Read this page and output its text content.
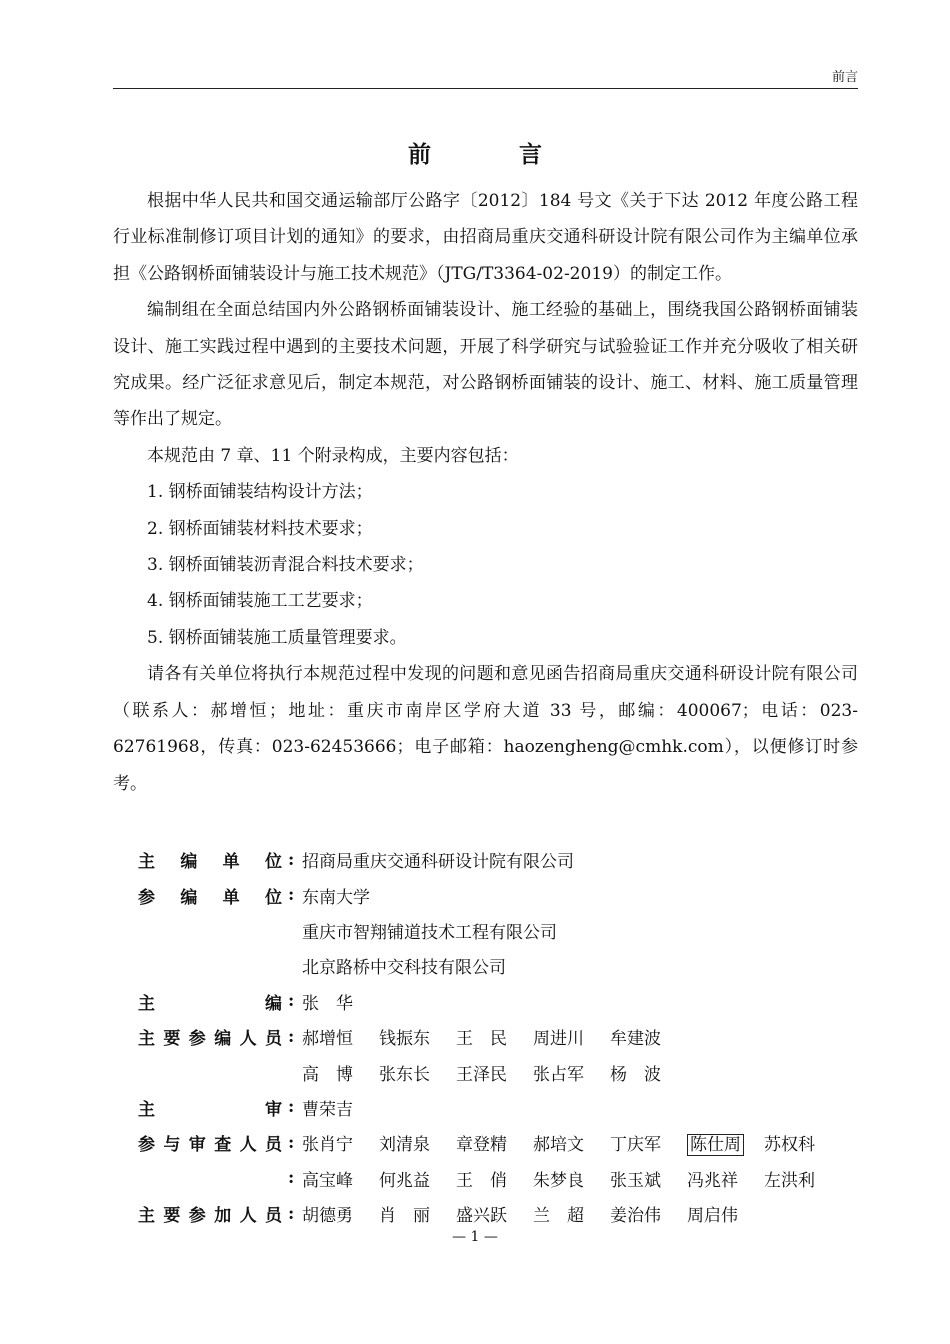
前言
前 言

根据中华人民共和国交通运输部厅公路字〔2012〕184 号文《关于下达 2012 年度公路工程行业标准制修订项目计划的通知》的要求，由招商局重庆交通科研设计院有限公司作为主编单位承担《公路钢桥面铺装设计与施工技术规范》（JTG/T3364-02-2019）的制定工作。

编制组在全面总结国内外公路钢桥面铺装设计、施工经验的基础上，围绕我国公路钢桥面铺装设计、施工实践过程中遇到的主要技术问题，开展了科学研究与试验验证工作并充分吸收了相关研究成果。经广泛征求意见后，制定本规范，对公路钢桥面铺装的设计、施工、材料、施工质量管理等作出了规定。

本规范由 7 章、11 个附录构成，主要内容包括：

1. 钢桥面铺装结构设计方法；

2. 钢桥面铺装材料技术要求；

3. 钢桥面铺装沥青混合料技术要求；

4. 钢桥面铺装施工工艺要求；

5. 钢桥面铺装施工质量管理要求。

请各有关单位将执行本规范过程中发现的问题和意见函告招商局重庆交通科研设计院有限公司（联系人：郝增恒；地址：重庆市南岸区学府大道 33 号，邮编：400067；电话：023-62761968，传真：023-62453666；电子邮箱：haozengheng@cmhk.com），以便修订时参考。

主编单位 : 招商局重庆交通科研设计院有限公司
参编单位 : 东南大学
重庆市智翔铺道技术工程有限公司
北京路桥中交科技有限公司
主编 : 张　华
主要参编人员 : 郝增恒	钱振东	王　民	周进川	牟建波
高　博	张东长	王泽民	张占军	杨　波
主审 : 曹荣吉
参与审查人员 : 张肖宁	刘清泉	章登精	郝培文	丁庆军	陈仕周	苏权科
: 高宝峰	何兆益	王　俏	朱梦良	张玉斌	冯兆祥	左洪利
主要参加人员 : 胡德勇	肖　丽	盛兴跃	兰　超	姜治伟	周启伟
— 1 —
